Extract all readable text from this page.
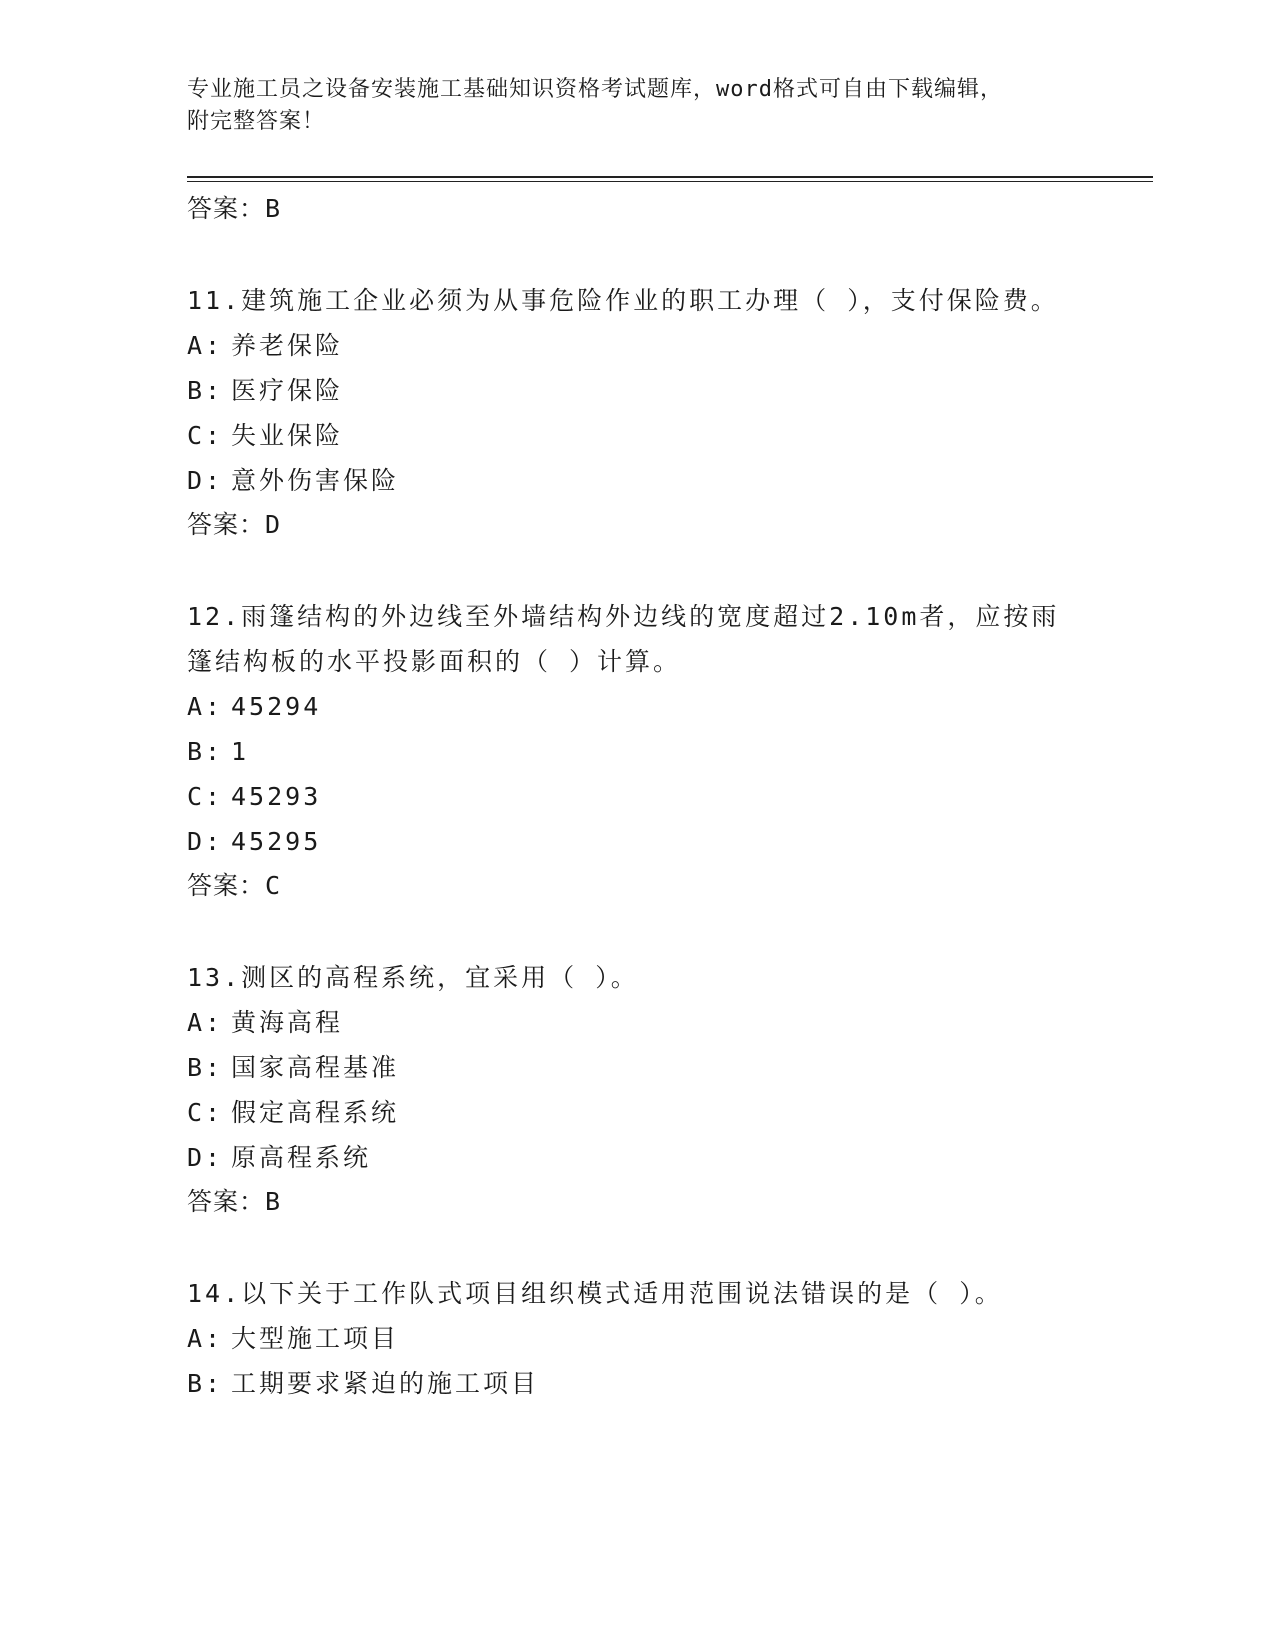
专业施工员之设备安装施工基础知识资格考试题库，word格式可自由下载编辑，
附完整答案！
答案：B
11.建筑施工企业必须为从事危险作业的职工办理（ ），支付保险费。
A: 养老保险
B: 医疗保险
C: 失业保险
D: 意外伤害保险
答案：D
12.雨篷结构的外边线至外墙结构外边线的宽度超过2.10m者，应按雨篷结构板的水平投影面积的（ ）计算。
A: 45294
B: 1
C: 45293
D: 45295
答案：C
13.测区的高程系统，宜采用（ ）。
A: 黄海高程
B: 国家高程基准
C: 假定高程系统
D: 原高程系统
答案：B
14.以下关于工作队式项目组织模式适用范围说法错误的是（ ）。
A: 大型施工项目
B: 工期要求紧迫的施工项目
